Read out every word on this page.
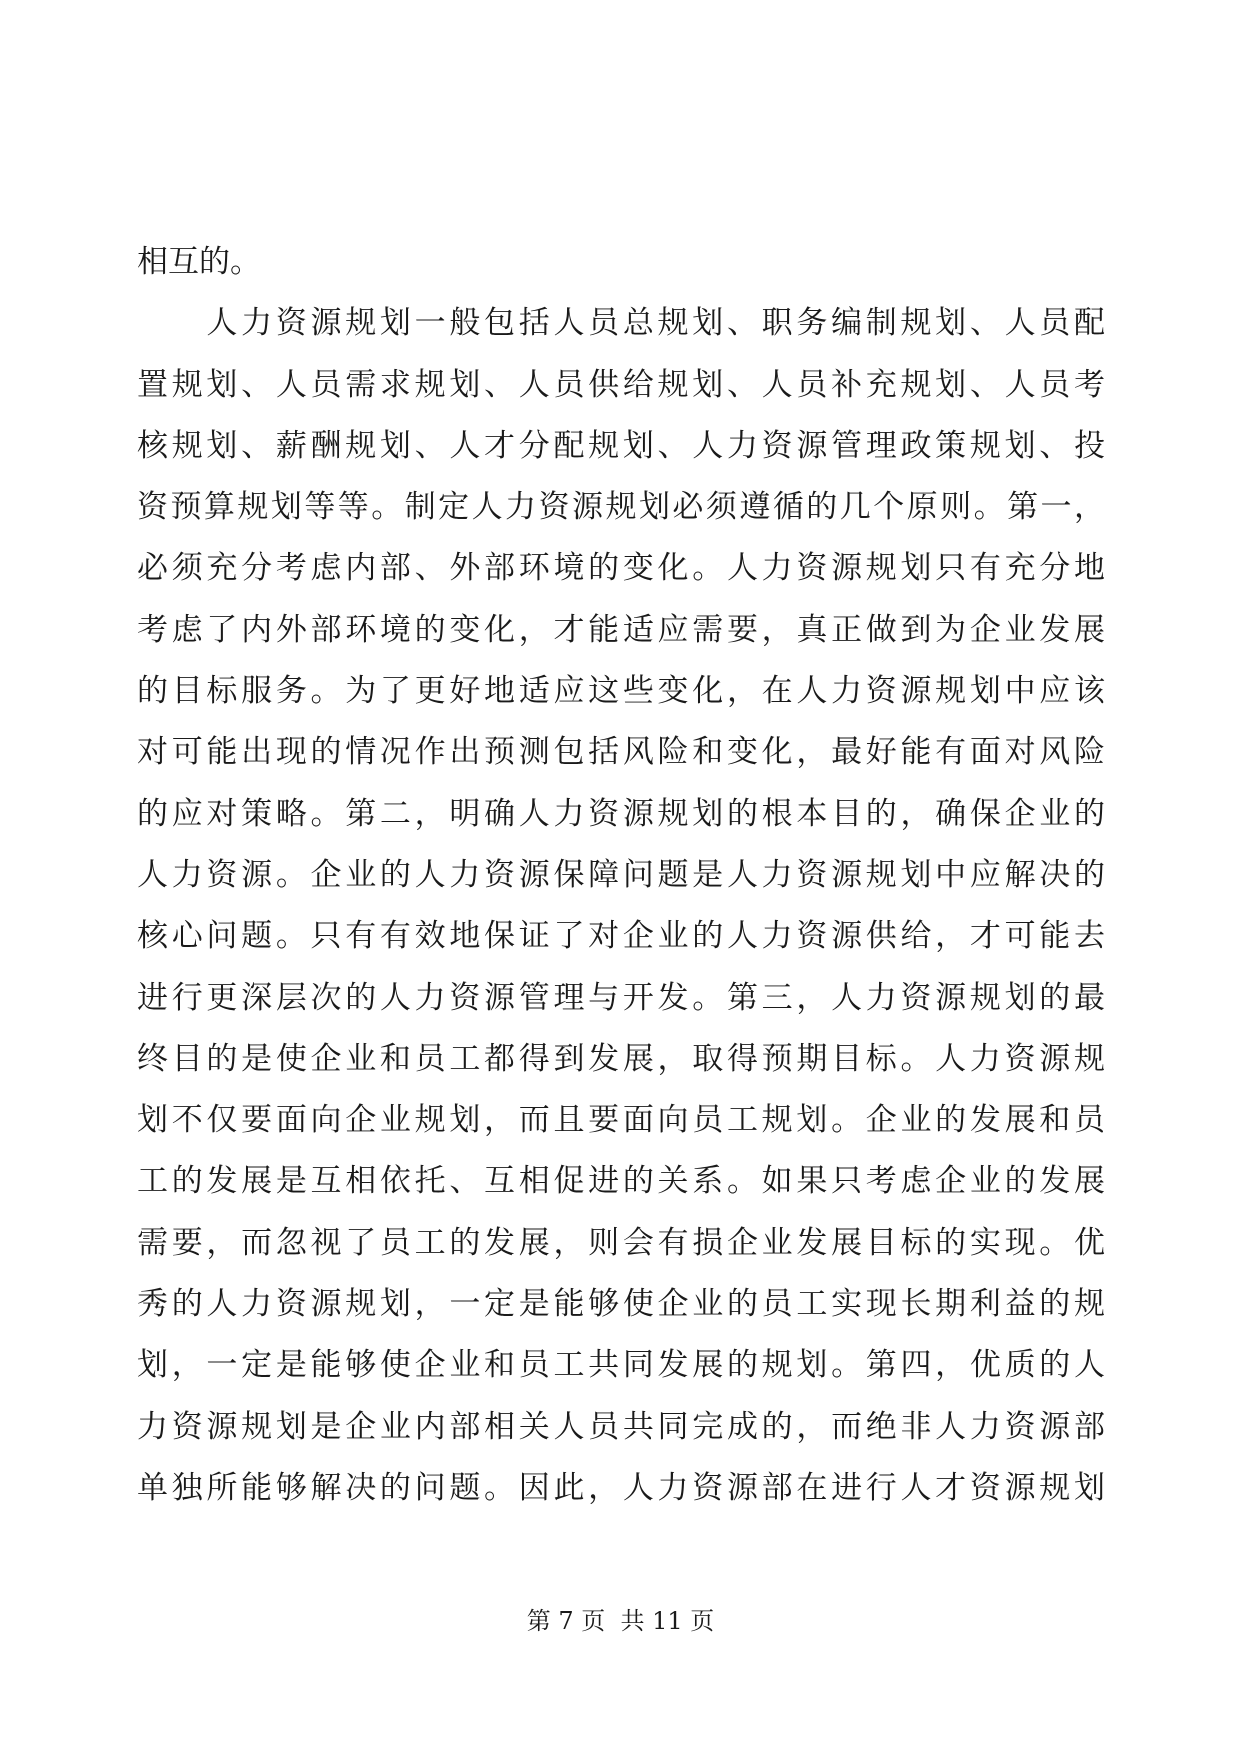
相互的。
　　人力资源规划一般包括人员总规划、职务编制规划、人员配
置规划、人员需求规划、人员供给规划、人员补充规划、人员考
核规划、薪酬规划、人才分配规划、人力资源管理政策规划、投
资预算规划等等。制定人力资源规划必须遵循的几个原则。第一，
必须充分考虑内部、外部环境的变化。人力资源规划只有充分地
考虑了内外部环境的变化，才能适应需要，真正做到为企业发展
的目标服务。为了更好地适应这些变化，在人力资源规划中应该
对可能出现的情况作出预测包括风险和变化，最好能有面对风险
的应对策略。第二，明确人力资源规划的根本目的，确保企业的
人力资源。企业的人力资源保障问题是人力资源规划中应解决的
核心问题。只有有效地保证了对企业的人力资源供给，才可能去
进行更深层次的人力资源管理与开发。第三，人力资源规划的最
终目的是使企业和员工都得到发展，取得预期目标。人力资源规
划不仅要面向企业规划，而且要面向员工规划。企业的发展和员
工的发展是互相依托、互相促进的关系。如果只考虑企业的发展
需要，而忽视了员工的发展，则会有损企业发展目标的实现。优
秀的人力资源规划，一定是能够使企业的员工实现长期利益的规
划，一定是能够使企业和员工共同发展的规划。第四，优质的人
力资源规划是企业内部相关人员共同完成的，而绝非人力资源部
单独所能够解决的问题。因此，人力资源部在进行人才资源规划
第 7 页  共 11 页
